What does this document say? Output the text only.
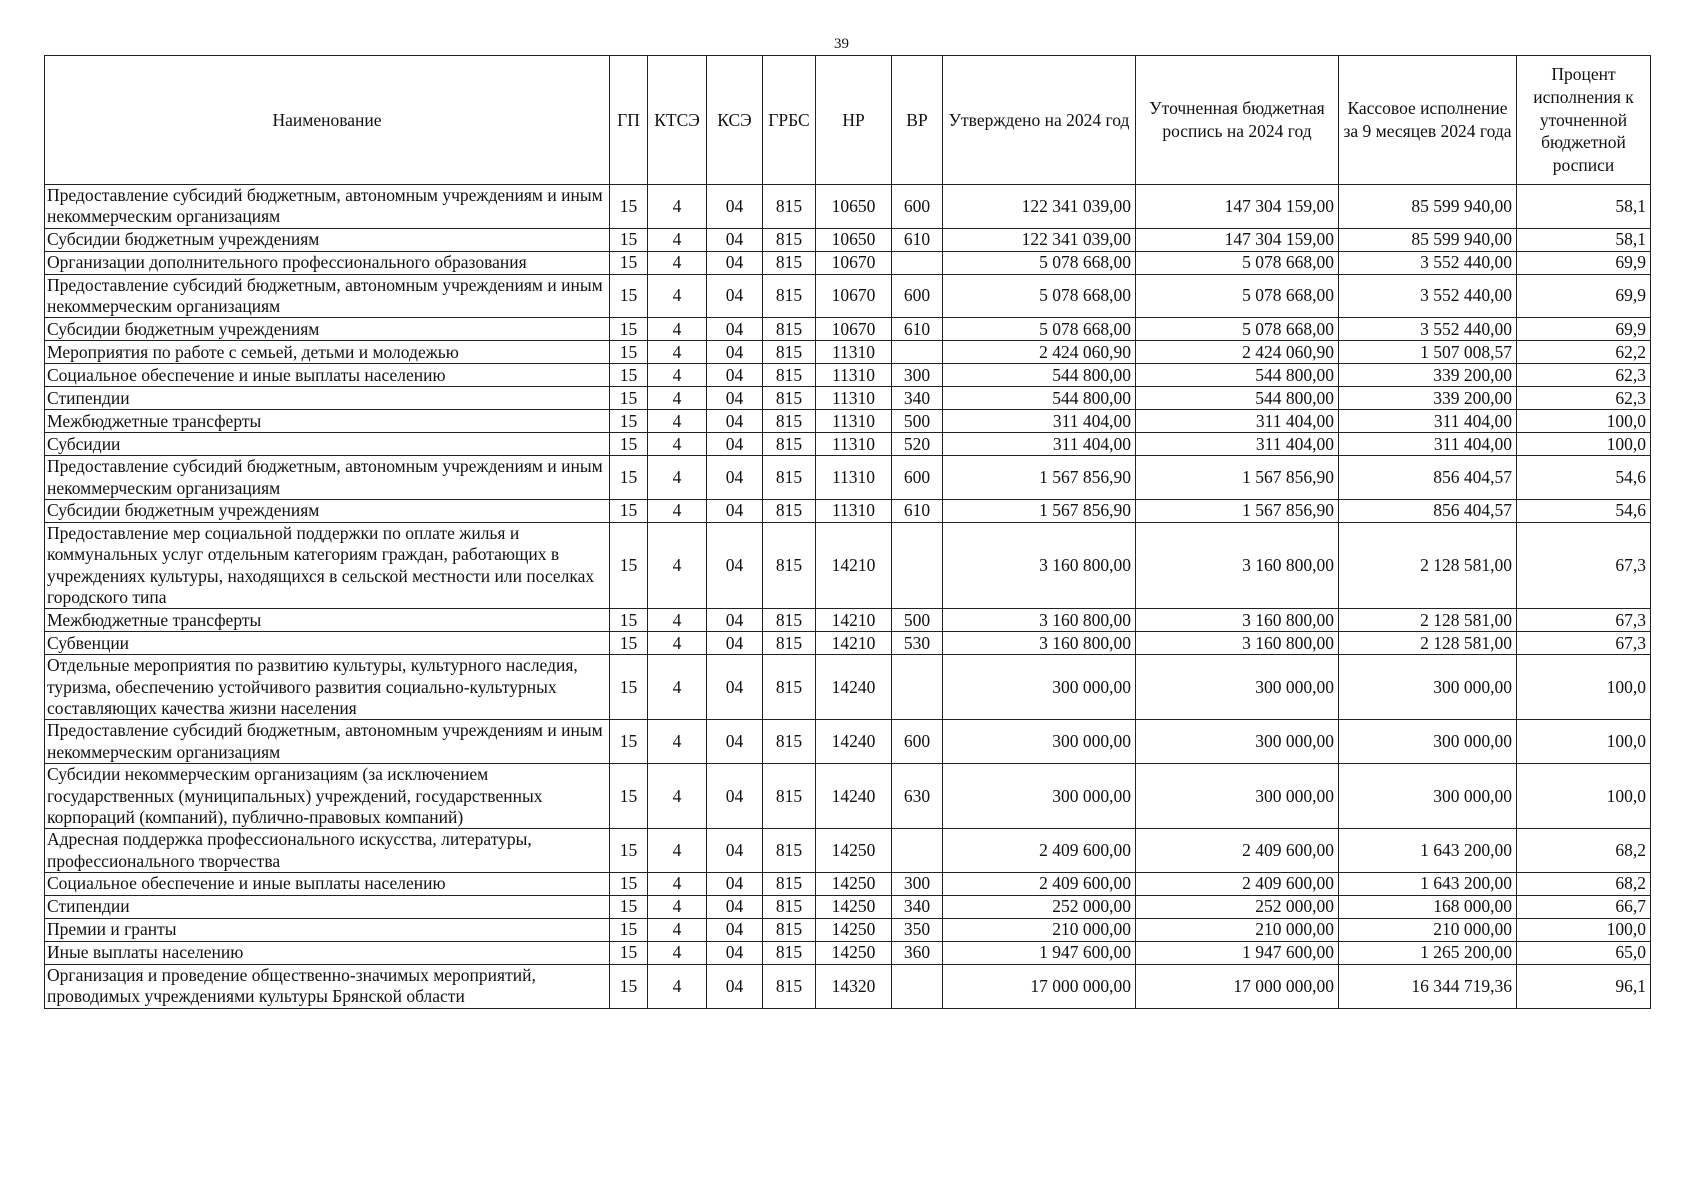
39
Наименование	ГП	КТСЭ	КСЭ	ГРБС	НР	ВР	Утверждено на 2024 год	Уточненная бюджетная роспись на 2024 год	Кассовое исполнение за 9 месяцев 2024 года	Процент исполнения к уточненной бюджетной росписи
Предоставление субсидий бюджетным, автономным учреждениям и иным некоммерческим организациям	15	4	04	815	10650	600	122 341 039,00	147 304 159,00	85 599 940,00	58,1
Субсидии бюджетным учреждениям	15	4	04	815	10650	610	122 341 039,00	147 304 159,00	85 599 940,00	58,1
Организации дополнительного профессионального образования	15	4	04	815	10670		5 078 668,00	5 078 668,00	3 552 440,00	69,9
Предоставление субсидий бюджетным, автономным учреждениям и иным некоммерческим организациям	15	4	04	815	10670	600	5 078 668,00	5 078 668,00	3 552 440,00	69,9
Субсидии бюджетным учреждениям	15	4	04	815	10670	610	5 078 668,00	5 078 668,00	3 552 440,00	69,9
Мероприятия по работе с семьей, детьми и молодежью	15	4	04	815	11310		2 424 060,90	2 424 060,90	1 507 008,57	62,2
Социальное обеспечение и иные выплаты населению	15	4	04	815	11310	300	544 800,00	544 800,00	339 200,00	62,3
Стипендии	15	4	04	815	11310	340	544 800,00	544 800,00	339 200,00	62,3
Межбюджетные трансферты	15	4	04	815	11310	500	311 404,00	311 404,00	311 404,00	100,0
Субсидии	15	4	04	815	11310	520	311 404,00	311 404,00	311 404,00	100,0
Предоставление субсидий бюджетным, автономным учреждениям и иным некоммерческим организациям	15	4	04	815	11310	600	1 567 856,90	1 567 856,90	856 404,57	54,6
Субсидии бюджетным учреждениям	15	4	04	815	11310	610	1 567 856,90	1 567 856,90	856 404,57	54,6
Предоставление мер социальной поддержки по оплате жилья и коммунальных услуг отдельным категориям граждан, работающих в учреждениях культуры, находящихся в сельской местности или поселках городского типа	15	4	04	815	14210		3 160 800,00	3 160 800,00	2 128 581,00	67,3
Межбюджетные трансферты	15	4	04	815	14210	500	3 160 800,00	3 160 800,00	2 128 581,00	67,3
Субвенции	15	4	04	815	14210	530	3 160 800,00	3 160 800,00	2 128 581,00	67,3
Отдельные мероприятия по развитию культуры, культурного наследия, туризма, обеспечению устойчивого развития социально-культурных составляющих качества жизни населения	15	4	04	815	14240		300 000,00	300 000,00	300 000,00	100,0
Предоставление субсидий бюджетным, автономным учреждениям и иным некоммерческим организациям	15	4	04	815	14240	600	300 000,00	300 000,00	300 000,00	100,0
Субсидии некоммерческим организациям (за исключением государственных (муниципальных) учреждений, государственных корпораций (компаний), публично-правовых компаний)	15	4	04	815	14240	630	300 000,00	300 000,00	300 000,00	100,0
Адресная поддержка профессионального искусства, литературы, профессионального творчества	15	4	04	815	14250		2 409 600,00	2 409 600,00	1 643 200,00	68,2
Социальное обеспечение и иные выплаты населению	15	4	04	815	14250	300	2 409 600,00	2 409 600,00	1 643 200,00	68,2
Стипендии	15	4	04	815	14250	340	252 000,00	252 000,00	168 000,00	66,7
Премии и гранты	15	4	04	815	14250	350	210 000,00	210 000,00	210 000,00	100,0
Иные выплаты населению	15	4	04	815	14250	360	1 947 600,00	1 947 600,00	1 265 200,00	65,0
Организация и проведение общественно-значимых мероприятий, проводимых учреждениями культуры Брянской области	15	4	04	815	14320		17 000 000,00	17 000 000,00	16 344 719,36	96,1
